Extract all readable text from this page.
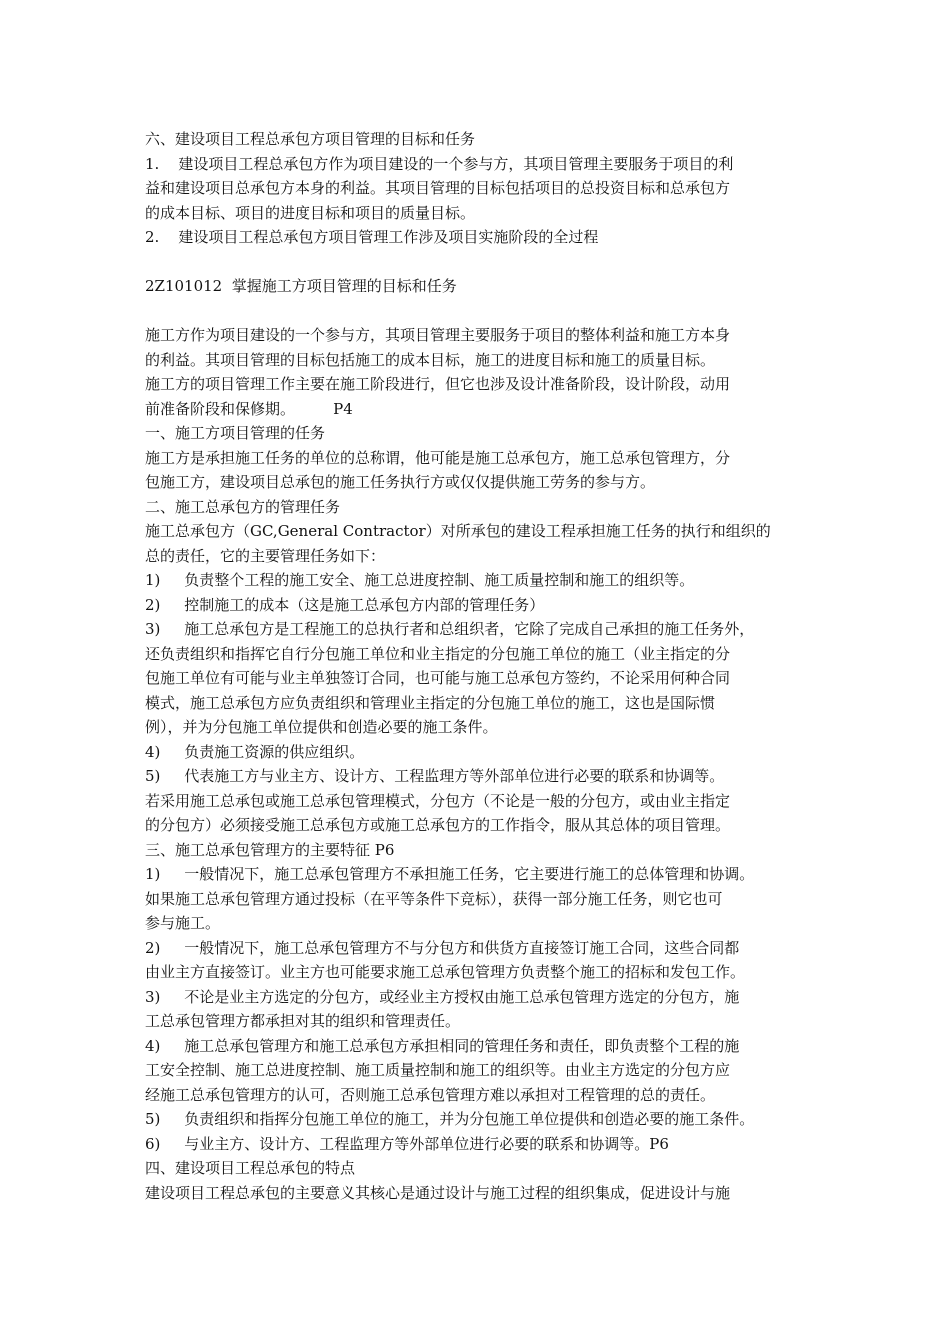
六、建设项目工程总承包方项目管理的目标和任务
1.    建设项目工程总承包方作为项目建设的一个参与方，其项目管理主要服务于项目的利
益和建设项目总承包方本身的利益。其项目管理的目标包括项目的总投资目标和总承包方
的成本目标、项目的进度目标和项目的质量目标。
2.    建设项目工程总承包方项目管理工作涉及项目实施阶段的全过程
2Z101012  掌握施工方项目管理的目标和任务
施工方作为项目建设的一个参与方，其项目管理主要服务于项目的整体利益和施工方本身
的利益。其项目管理的目标包括施工的成本目标，施工的进度目标和施工的质量目标。
施工方的项目管理工作主要在施工阶段进行，但它也涉及设计准备阶段，设计阶段，动用
前准备阶段和保修期。        P4
一、施工方项目管理的任务
施工方是承担施工任务的单位的总称谓，他可能是施工总承包方，施工总承包管理方，分
包施工方，建设项目总承包的施工任务执行方或仅仅提供施工劳务的参与方。
二、施工总承包方的管理任务
施工总承包方（GC,General Contractor）对所承包的建设工程承担施工任务的执行和组织的
总的责任，它的主要管理任务如下：
1)     负责整个工程的施工安全、施工总进度控制、施工质量控制和施工的组织等。
2)     控制施工的成本（这是施工总承包方内部的管理任务）
3)     施工总承包方是工程施工的总执行者和总组织者，它除了完成自己承担的施工任务外，
还负责组织和指挥它自行分包施工单位和业主指定的分包施工单位的施工（业主指定的分
包施工单位有可能与业主单独签订合同，也可能与施工总承包方签约，不论采用何种合同
模式，施工总承包方应负责组织和管理业主指定的分包施工单位的施工，这也是国际惯
例），并为分包施工单位提供和创造必要的施工条件。
4)     负责施工资源的供应组织。
5)     代表施工方与业主方、设计方、工程监理方等外部单位进行必要的联系和协调等。
若采用施工总承包或施工总承包管理模式，分包方（不论是一般的分包方，或由业主指定
的分包方）必须接受施工总承包方或施工总承包方的工作指令，服从其总体的项目管理。
三、施工总承包管理方的主要特征 P6
1)     一般情况下，施工总承包管理方不承担施工任务，它主要进行施工的总体管理和协调。
如果施工总承包管理方通过投标（在平等条件下竞标），获得一部分施工任务，则它也可
参与施工。
2)     一般情况下，施工总承包管理方不与分包方和供货方直接签订施工合同，这些合同都
由业主方直接签订。业主方也可能要求施工总承包管理方负责整个施工的招标和发包工作。
3)     不论是业主方选定的分包方，或经业主方授权由施工总承包管理方选定的分包方，施
工总承包管理方都承担对其的组织和管理责任。
4)     施工总承包管理方和施工总承包方承担相同的管理任务和责任，即负责整个工程的施
工安全控制、施工总进度控制、施工质量控制和施工的组织等。由业主方选定的分包方应
经施工总承包管理方的认可，否则施工总承包管理方难以承担对工程管理的总的责任。
5)     负责组织和指挥分包施工单位的施工，并为分包施工单位提供和创造必要的施工条件。
6)     与业主方、设计方、工程监理方等外部单位进行必要的联系和协调等。P6
四、建设项目工程总承包的特点
建设项目工程总承包的主要意义其核心是通过设计与施工过程的组织集成，促进设计与施
